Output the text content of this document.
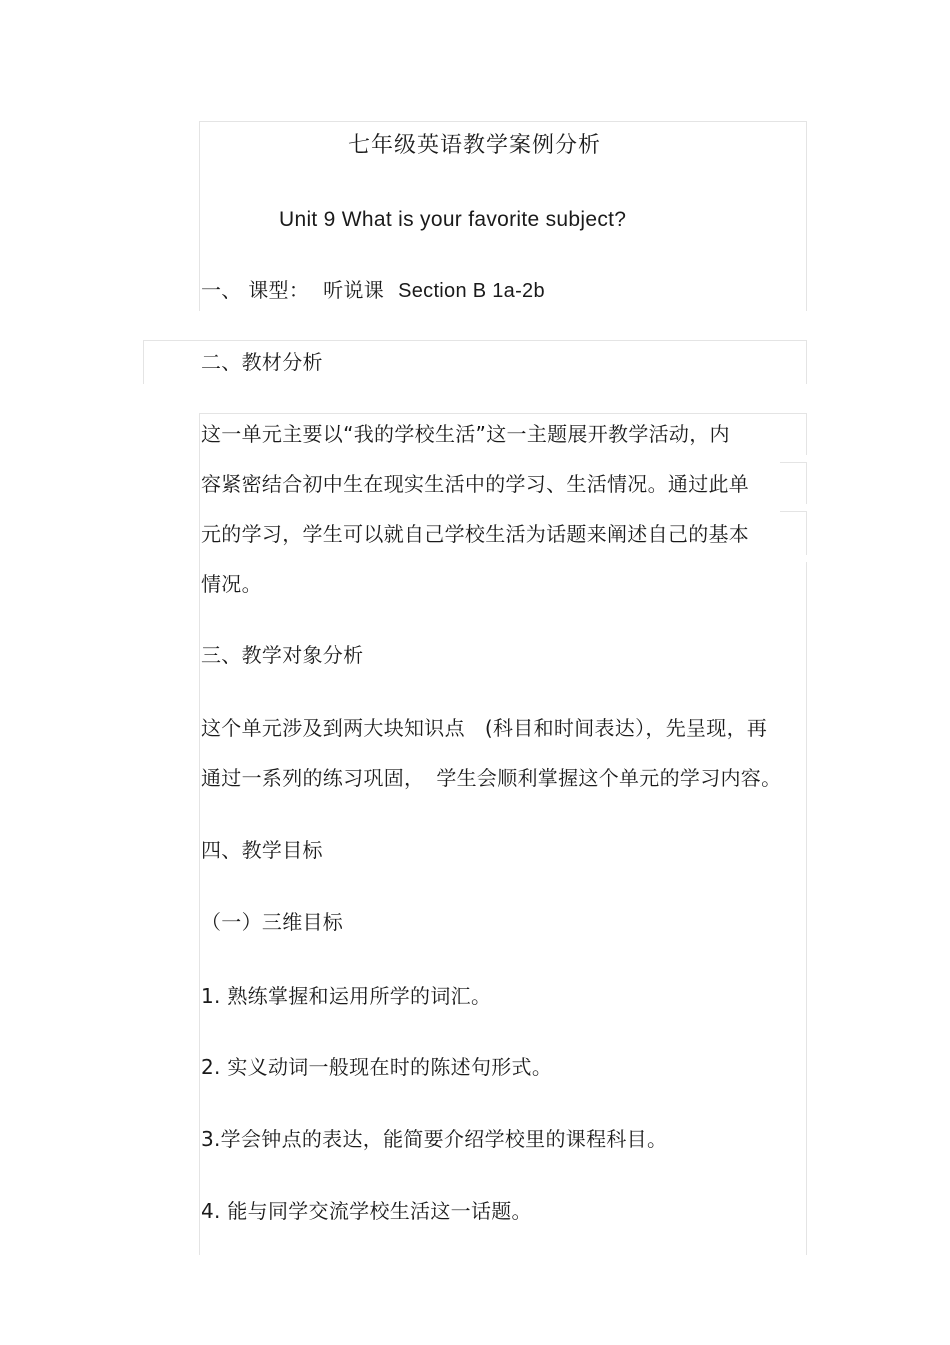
七年级英语教学案例分析
Unit 9 What is your favorite subject?
一、 课型： 听说课 Section B 1a-2b
二、教材分析
这一单元主要以“我的学校生活”这一主题展开教学活动，内
容紧密结合初中生在现实生活中的学习、生活情况。通过此单
元的学习，学生可以就自己学校生活为话题来阐述自己的基本
情况。
三、教学对象分析
这个单元涉及到两大块知识点 (科目和时间表达），先呈现，再
通过一系列的练习巩固， 学生会顺利掌握这个单元的学习内容。
四、教学目标
（一）三维目标
1. 熟练掌握和运用所学的词汇。
2. 实义动词一般现在时的陈述句形式。
3.学会钟点的表达，能简要介绍学校里的课程科目。
4. 能与同学交流学校生活这一话题。
